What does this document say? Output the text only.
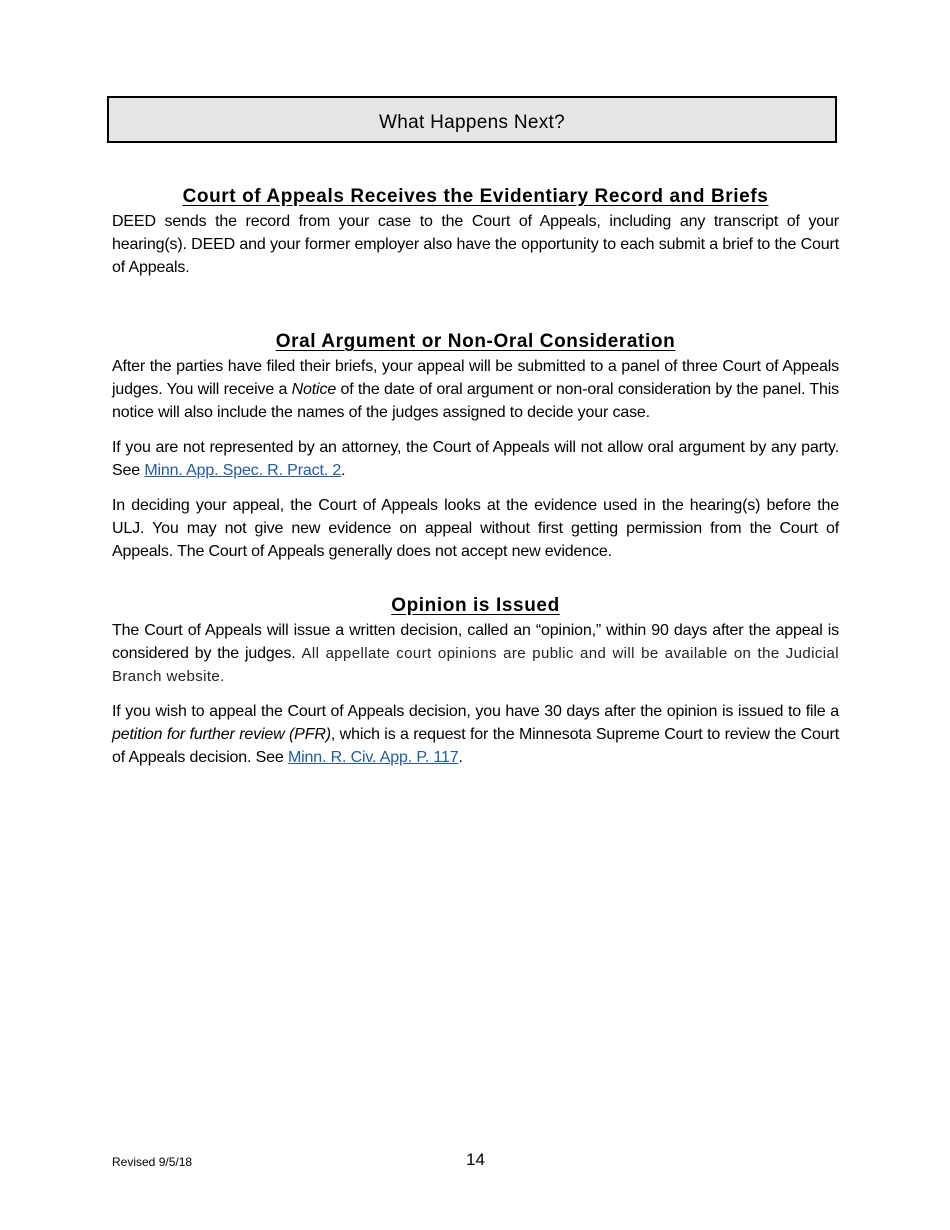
What Happens Next?
Court of Appeals Receives the Evidentiary Record and Briefs

DEED sends the record from your case to the Court of Appeals, including any transcript of your hearing(s). DEED and your former employer also have the opportunity to each submit a brief to the Court of Appeals.

Oral Argument or Non-Oral Consideration

After the parties have filed their briefs, your appeal will be submitted to a panel of three Court of Appeals judges. You will receive a Notice of the date of oral argument or non-oral consideration by the panel. This notice will also include the names of the judges assigned to decide your case.

If you are not represented by an attorney, the Court of Appeals will not allow oral argument by any party. See Minn. App. Spec. R. Pract. 2.

In deciding your appeal, the Court of Appeals looks at the evidence used in the hearing(s) before the ULJ. You may not give new evidence on appeal without first getting permission from the Court of Appeals. The Court of Appeals generally does not accept new evidence.

Opinion is Issued

The Court of Appeals will issue a written decision, called an “opinion,” within 90 days after the appeal is considered by the judges. All appellate court opinions are public and will be available on the Judicial Branch website.

If you wish to appeal the Court of Appeals decision, you have 30 days after the opinion is issued to file a petition for further review (PFR), which is a request for the Minnesota Supreme Court to review the Court of Appeals decision. See Minn. R. Civ. App. P. 117.

Revised 9/5/18	14
